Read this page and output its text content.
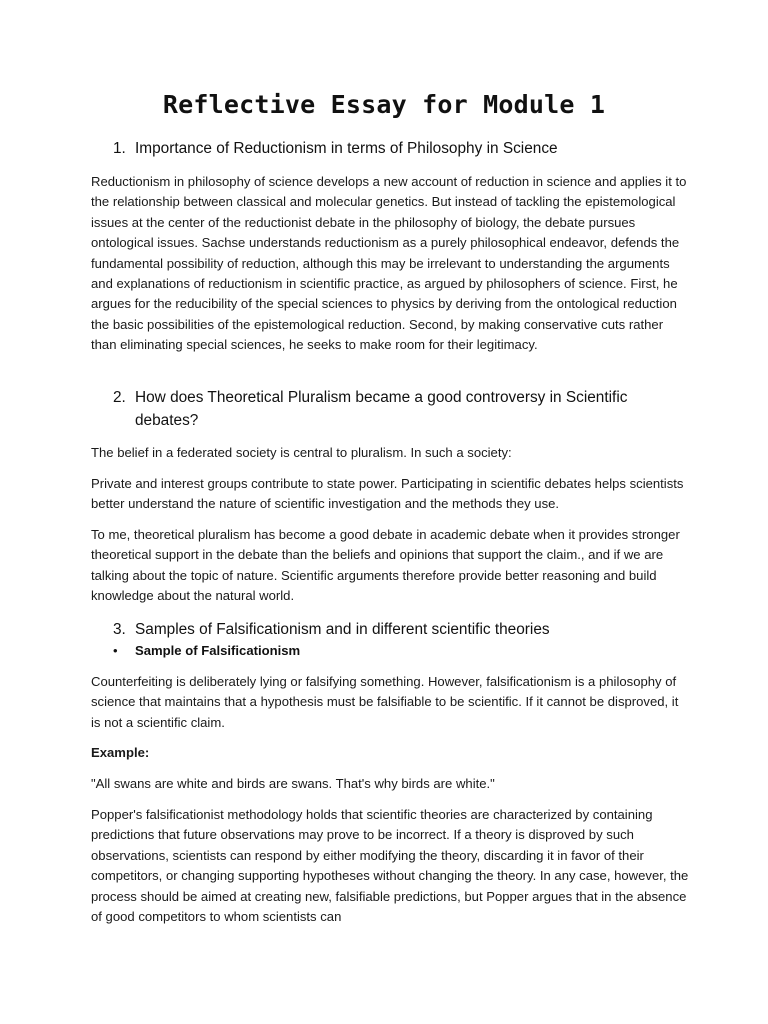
Reflective Essay for Module 1
1. Importance of Reductionism in terms of Philosophy in Science

Reductionism in philosophy of science develops a new account of reduction in science and applies it to the relationship between classical and molecular genetics. But instead of tackling the epistemological issues at the center of the reductionist debate in the philosophy of biology, the debate pursues ontological issues. Sachse understands reductionism as a purely philosophical endeavor, defends the fundamental possibility of reduction, although this may be irrelevant to understanding the arguments and explanations of reductionism in scientific practice, as argued by philosophers of science. First, he argues for the reducibility of the special sciences to physics by deriving from the ontological reduction the basic possibilities of the epistemological reduction. Second, by making conservative cuts rather than eliminating special sciences, he seeks to make room for their legitimacy.

2. How does Theoretical Pluralism became a good controversy in Scientific debates?

The belief in a federated society is central to pluralism. In such a society:

Private and interest groups contribute to state power. Participating in scientific debates helps scientists better understand the nature of scientific investigation and the methods they use.

To me, theoretical pluralism has become a good debate in academic debate when it provides stronger theoretical support in the debate than the beliefs and opinions that support the claim., and if we are talking about the topic of nature. Scientific arguments therefore provide better reasoning and build knowledge about the natural world.

3. Samples of Falsificationism and in different scientific theories
•	Sample of Falsificationism

Counterfeiting is deliberately lying or falsifying something. However, falsificationism is a philosophy of science that maintains that a hypothesis must be falsifiable to be scientific. If it cannot be disproved, it is not a scientific claim.

Example:

"All swans are white and birds are swans. That's why birds are white."

Popper's falsificationist methodology holds that scientific theories are characterized by containing predictions that future observations may prove to be incorrect. If a theory is disproved by such observations, scientists can respond by either modifying the theory, discarding it in favor of their competitors, or changing supporting hypotheses without changing the theory. In any case, however, the process should be aimed at creating new, falsifiable predictions, but Popper argues that in the absence of good competitors to whom scientists can
